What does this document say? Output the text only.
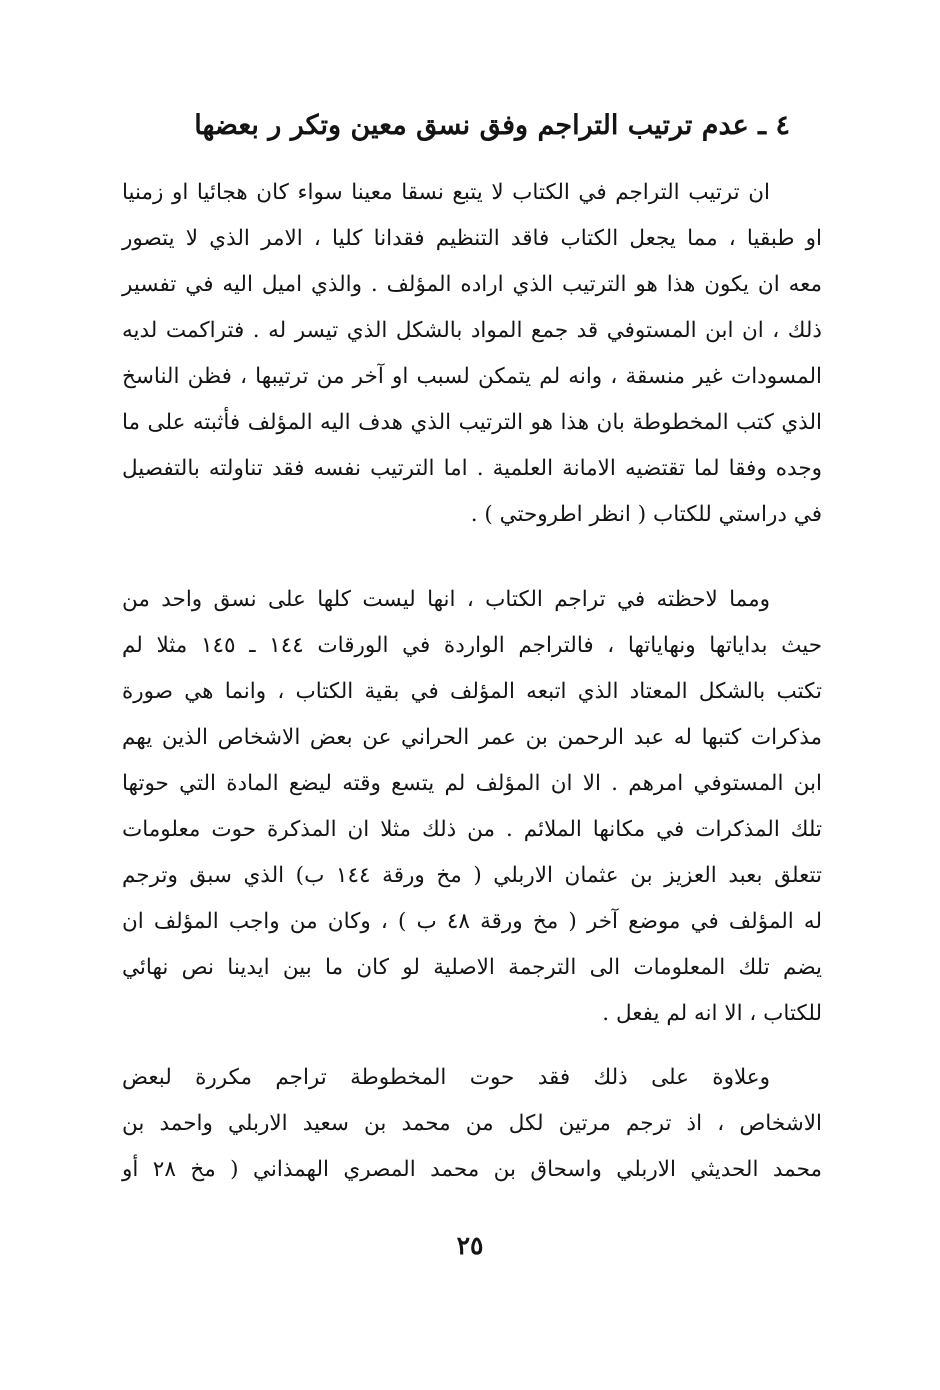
٤ ـ عدم ترتيب التراجم وفق نسق معين وتكر ر بعضها
ان ترتيب التراجم في الكتاب لا يتبع نسقا معينا سواء كان هجائيا او زمنيا
او طبقيا ، مما يجعل الكتاب فاقد التنظيم فقدانا كليا ، الامر الذي لا يتصور
معه ان يكون هذا هو الترتيب الذي اراده المؤلف . والذي اميل اليه في تفسير
ذلك ، ان ابن المستوفي قد جمع المواد بالشكل الذي تيسر له . فتراكمت لديه
المسودات غير منسقة ، وانه لم يتمكن لسبب او آخر من ترتيبها ، فظن الناسخ
الذي كتب المخطوطة بان هذا هو الترتيب الذي هدف اليه المؤلف فأثبته على ما
وجده وفقا لما تقتضيه الامانة العلمية . اما الترتيب نفسه فقد تناولته بالتفصيل
في دراستي للكتاب ( انظر اطروحتي ) .
ومما لاحظته في تراجم الكتاب ، انها ليست كلها على نسق واحد من
حيث بداياتها ونهاياتها ، فالتراجم الواردة في الورقات ١٤٤ ـ ١٤٥ مثلا لم
تكتب بالشكل المعتاد الذي اتبعه المؤلف في بقية الكتاب ، وانما هي صورة
مذكرات كتبها له عبد الرحمن بن عمر الحراني عن بعض الاشخاص الذين يهم
ابن المستوفي امرهم . الا ان المؤلف لم يتسع وقته ليضع المادة التي حوتها
تلك المذكرات في مكانها الملائم . من ذلك مثلا ان المذكرة حوت معلومات
تتعلق بعبد العزيز بن عثمان الاربلي ( مخ ورقة ١٤٤ ب) الذي سبق وترجم
له المؤلف في موضع آخر ( مخ ورقة ٤٨ ب ) ، وكان من واجب المؤلف ان
يضم تلك المعلومات الى الترجمة الاصلية لو كان ما بين ايدينا نص نهائي
للكتاب ، الا انه لم يفعل .
وعلاوة على ذلك فقد حوت المخطوطة تراجم مكررة لبعض
الاشخاص ، اذ ترجم مرتين لكل من محمد بن سعيد الاربلي واحمد بن
محمد الحديثي الاربلي واسحاق بن محمد المصري الهمذاني ( مخ ٢٨ أو
٢٥
